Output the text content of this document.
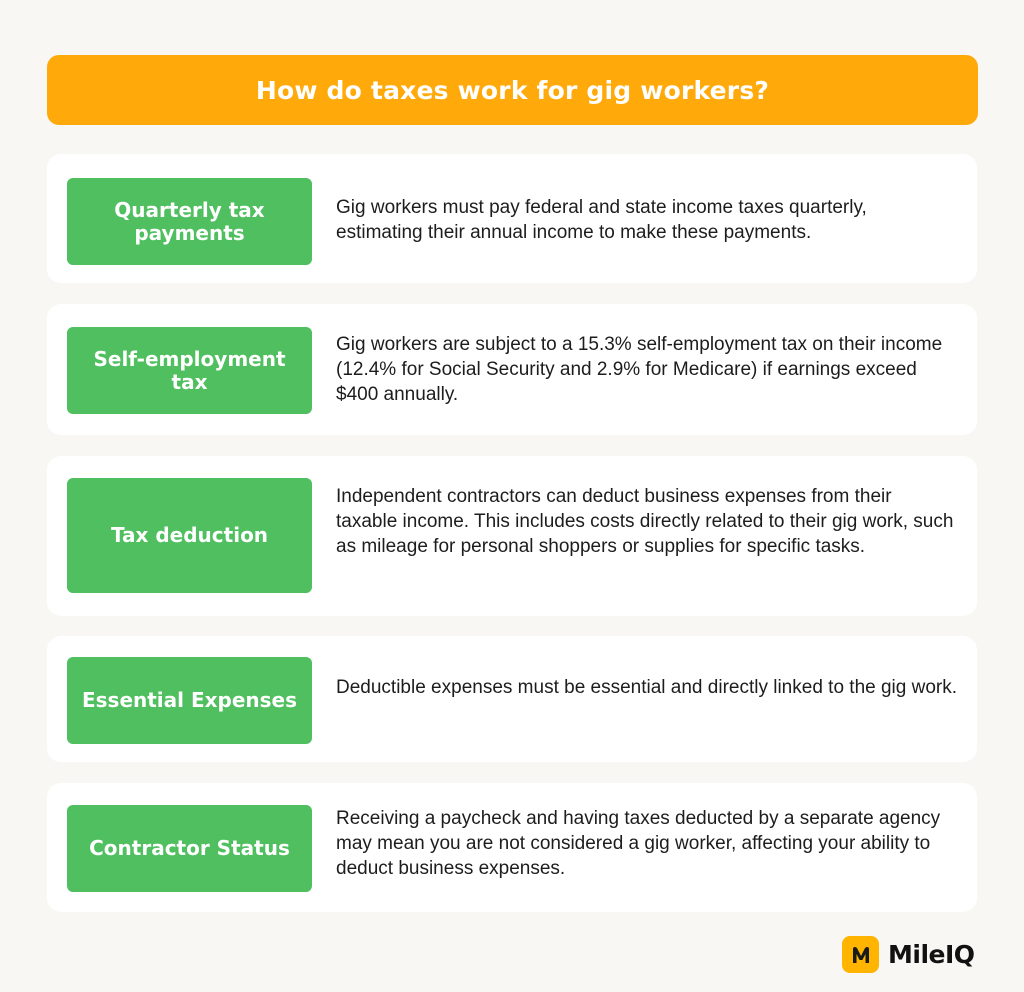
How do taxes work for gig workers?
Quarterly tax payments
Gig workers must pay federal and state income taxes quarterly, estimating their annual income to make these payments.
Self-employment tax
Gig workers are subject to a 15.3% self-employment tax on their income (12.4% for Social Security and 2.9% for Medicare) if earnings exceed $400 annually.
Tax deduction
Independent contractors can deduct business expenses from their taxable income. This includes costs directly related to their gig work, such as mileage for personal shoppers or supplies for specific tasks.
Essential Expenses
Deductible expenses must be essential and directly linked to the gig work.
Contractor Status
Receiving a paycheck and having taxes deducted by a separate agency may mean you are not considered a gig worker, affecting your ability to deduct business expenses.
MileIQ
